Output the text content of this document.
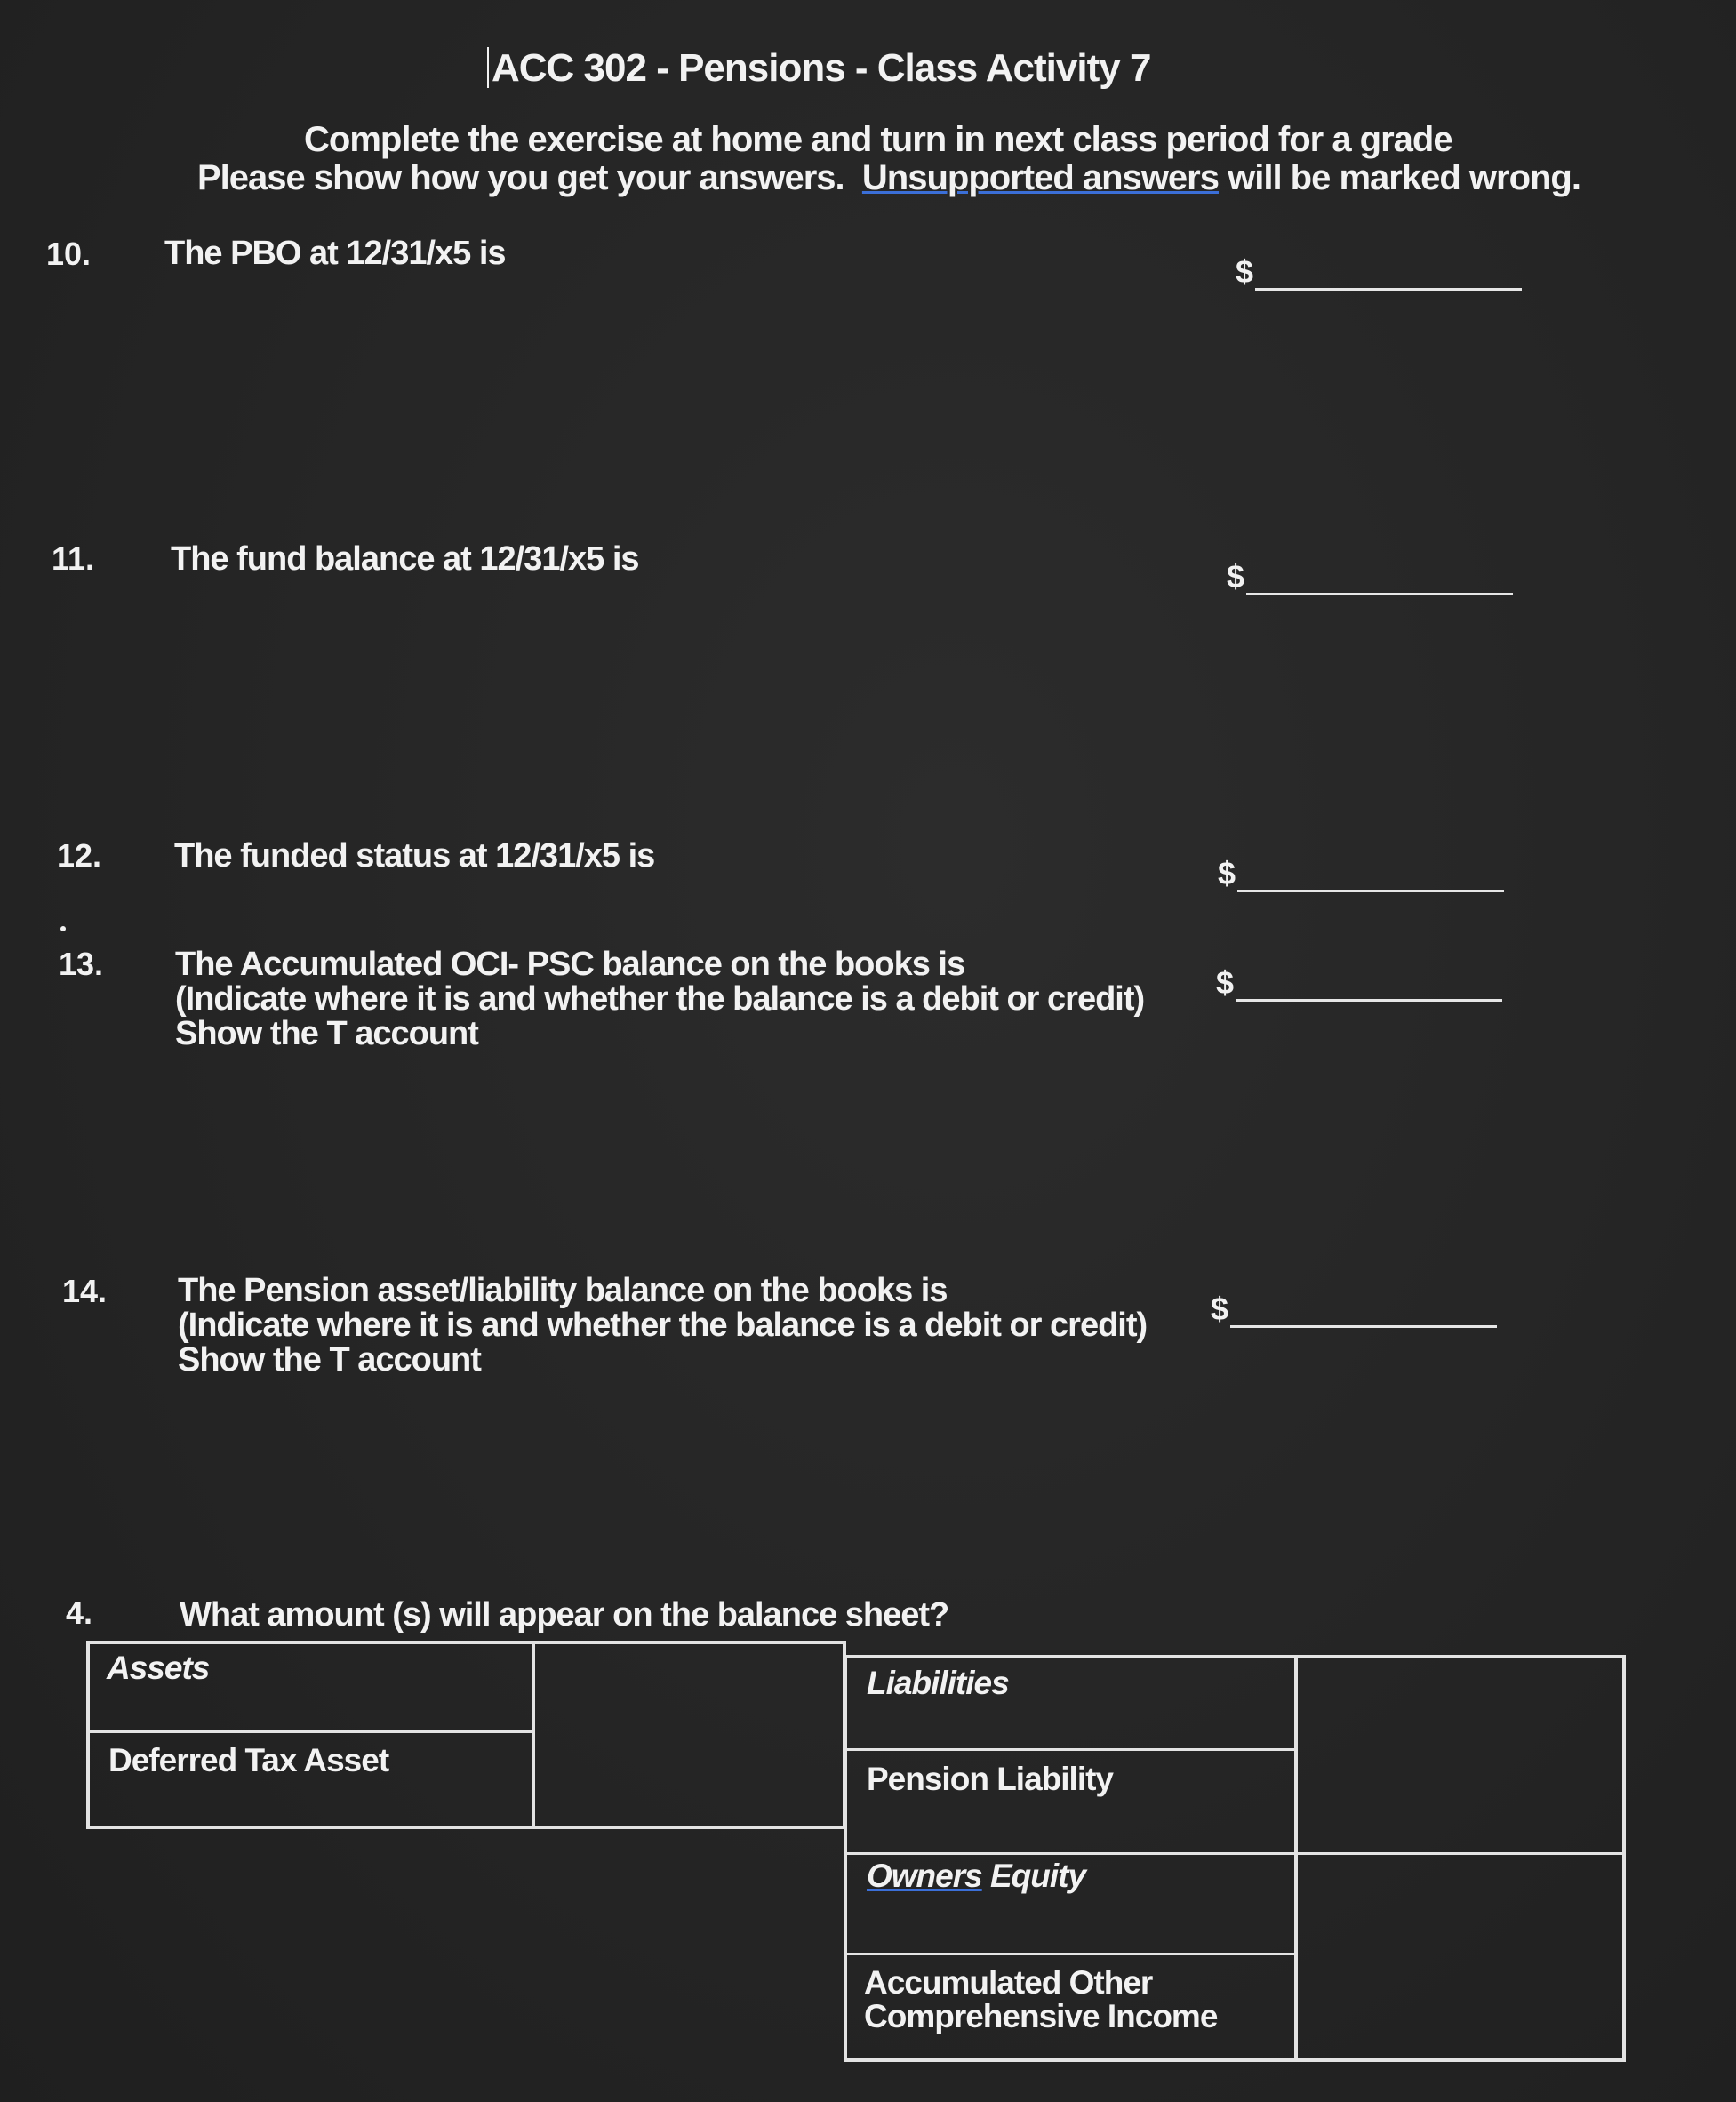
ACC 302 - Pensions - Class Activity 7
Complete the exercise at home and turn in next class period for a grade
Please show how you get your answers. Unsupported answers will be marked wrong.
10. The PBO at 12/31/x5 is	$
11. The fund balance at 12/31/x5 is	$
12. The funded status at 12/31/x5 is	$
13. The Accumulated OCI- PSC balance on the books is
(Indicate where it is and whether the balance is a debit or credit)
Show the T account
$
14. The Pension asset/liability balance on the books is
(Indicate where it is and whether the balance is a debit or credit)
Show the T account
$
4.	What amount (s) will appear on the balance sheet?
Assets
Deferred Tax Asset
Liabilities
Pension Liability
Owners Equity
Accumulated Other
Comprehensive Income
